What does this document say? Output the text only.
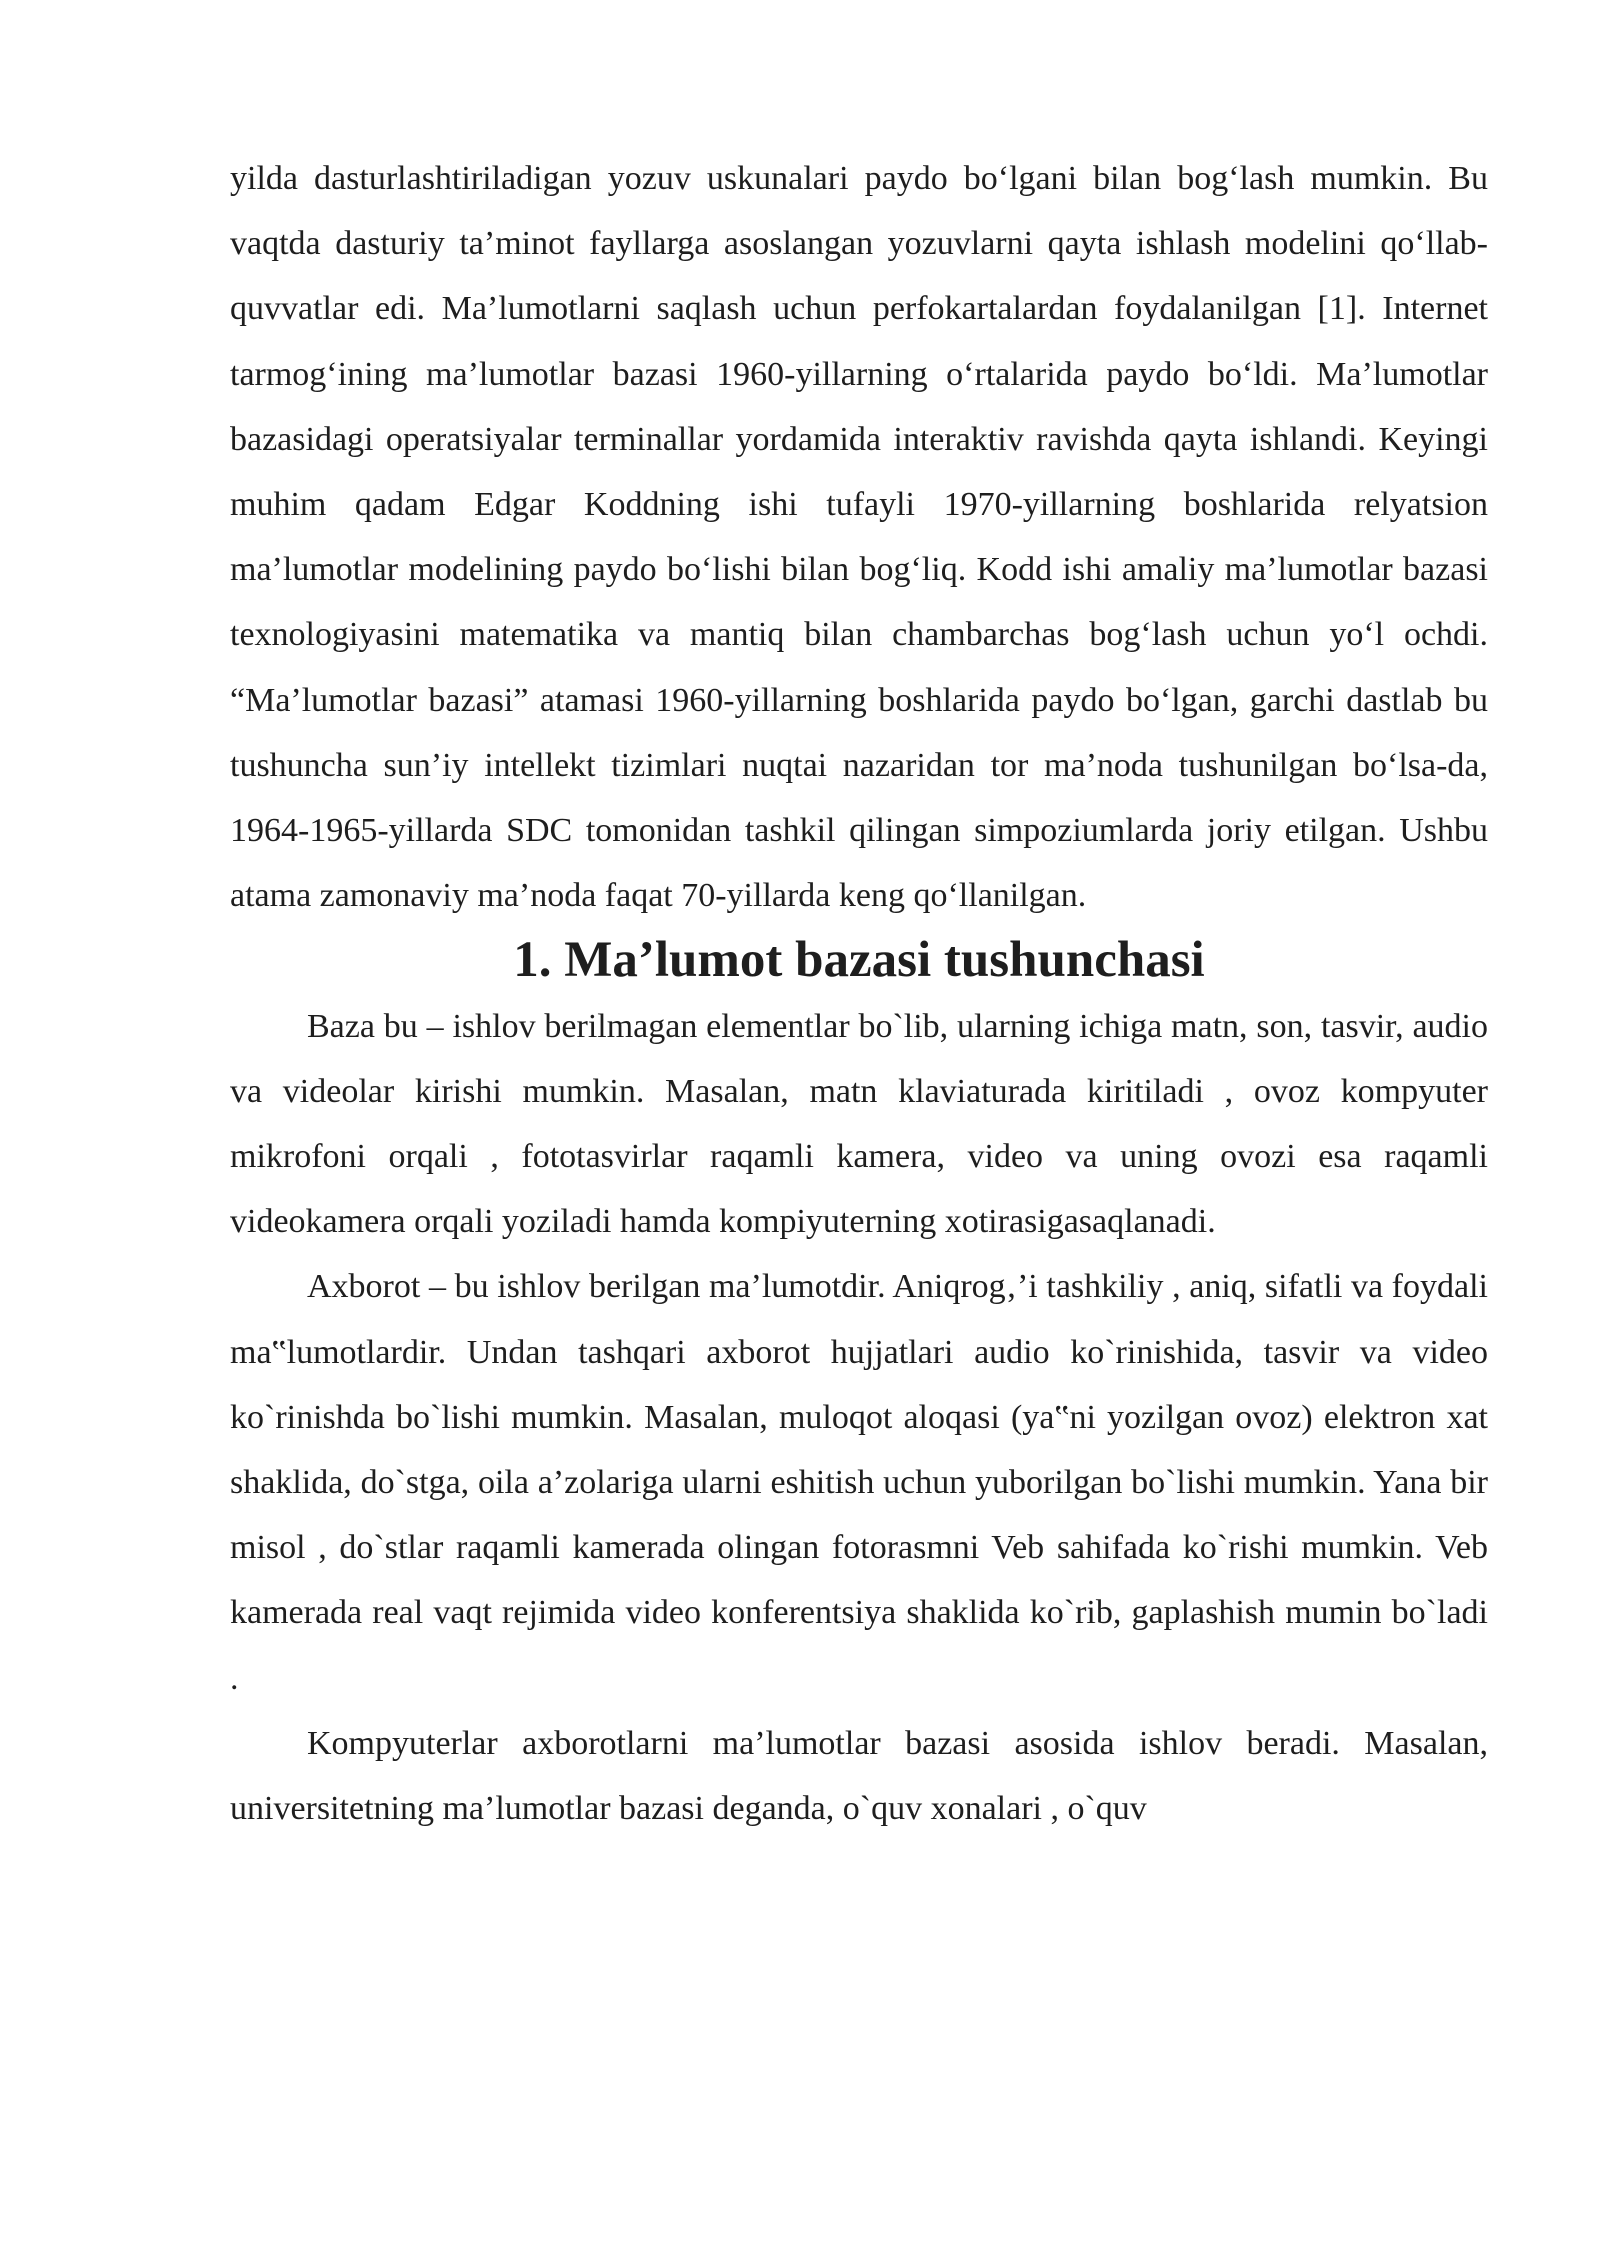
yilda dasturlashtiriladigan yozuv uskunalari paydo bo‘lgani bilan bog‘lash mumkin. Bu vaqtda dasturiy ta’minot fayllarga asoslangan yozuvlarni qayta ishlash modelini qo‘llab-quvvatlar edi. Ma’lumotlarni saqlash uchun perfokartalardan foydalanilgan [1]. Internet tarmog‘ining ma’lumotlar bazasi 1960-yillarning o‘rtalarida paydo bo‘ldi. Ma’lumotlar bazasidagi operatsiyalar terminallar yordamida interaktiv ravishda qayta ishlandi. Keyingi muhim qadam Edgar Koddning ishi tufayli 1970-yillarning boshlarida relyatsion ma’lumotlar modelining paydo bo‘lishi bilan bog‘liq. Kodd ishi amaliy ma’lumotlar bazasi texnologiyasini matematika va mantiq bilan chambarchas bog‘lash uchun yo‘l ochdi. “Ma’lumotlar bazasi” atamasi 1960-yillarning boshlarida paydo bo‘lgan, garchi dastlab bu tushuncha sun’iy intellekt tizimlari nuqtai nazaridan tor ma’noda tushunilgan bo‘lsa-da, 1964-1965-yillarda SDC tomonidan tashkil qilingan simpoziumlarda joriy etilgan. Ushbu atama zamonaviy ma’noda faqat 70-yillarda keng qo‘llanilgan.

1. Ma’lumot bazasi tushunchasi

Baza bu – ishlov berilmagan elementlar bo`lib, ularning ichiga matn, son, tasvir, audio va videolar kirishi mumkin. Masalan, matn klaviaturada kiritiladi , ovoz kompyuter mikrofoni orqali , fototasvirlar raqamli kamera, video va uning ovozi esa raqamli videokamera orqali yoziladi hamda kompiyuterning xotirasigasaqlanadi.

Axborot – bu ishlov berilgan ma’lumotdir. Aniqrog‚’i tashkiliy , aniq, sifatli va foydali ma‟lumotlardir. Undan tashqari axborot hujjatlari audio ko`rinishida, tasvir va video ko`rinishda bo`lishi mumkin. Masalan, muloqot aloqasi (ya‟ni yozilgan ovoz) elektron xat shaklida, do`stga, oila a’zolariga ularni eshitish uchun yuborilgan bo`lishi mumkin. Yana bir misol , do`stlar raqamli kamerada olingan fotorasmni Veb sahifada ko`rishi mumkin. Veb kamerada real vaqt rejimida video konferentsiya shaklida ko`rib, gaplashish mumin bo`ladi .

Kompyuterlar axborotlarni ma’lumotlar bazasi asosida ishlov beradi. Masalan, universitetning ma’lumotlar bazasi deganda, o`quv xonalari , o`quv
